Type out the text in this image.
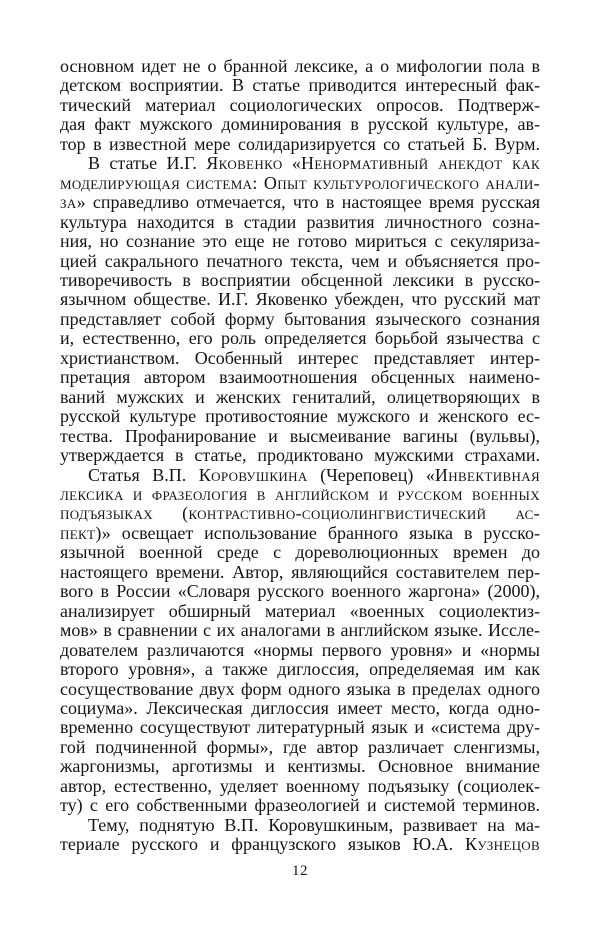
основном идет не о бранной лексике, а о мифологии пола в
детском восприятии. В статье приводится интересный фак-
тический материал социологических опросов. Подтверж-
дая факт мужского доминирования в русской культуре, ав-
тор в известной мере солидаризируется со статьей Б. Вурм.
В статье И.Г. Яковенко «Ненормативный анекдот как
моделирующая система: Опыт культурологического анали-
за» справедливо отмечается, что в настоящее время русская
культура находится в стадии развития личностного созна-
ния, но сознание это еще не готово мириться с секуляриза-
цией сакрального печатного текста, чем и объясняется про-
тиворечивость в восприятии обсценной лексики в русско-
язычном обществе. И.Г. Яковенко убежден, что русский мат
представляет собой форму бытования языческого сознания
и, естественно, его роль определяется борьбой язычества с
христианством. Особенный интерес представляет интер-
претация автором взаимоотношения обсценных наимено-
ваний мужских и женских гениталий, олицетворяющих в
русской культуре противостояние мужского и женского ес-
тества. Профанирование и высмеивание вагины (вульвы),
утверждается в статье, продиктовано мужскими страхами.
Статья В.П. Коровушкина (Череповец) «Инвективная
лексика и фразеология в английском и русском военных
подъязыках (контрастивно-социолингвистический ас-
пект)» освещает использование бранного языка в русско-
язычной военной среде с дореволюционных времен до
настоящего времени. Автор, являющийся составителем пер-
вого в России «Словаря русского военного жаргона» (2000),
анализирует обширный материал «военных социолектиз-
мов» в сравнении с их аналогами в английском языке. Иссле-
дователем различаются «нормы первого уровня» и «нормы
второго уровня», а также диглоссия, определяемая им как
сосуществование двух форм одного языка в пределах одного
социума». Лексическая диглоссия имеет место, когда одно-
временно сосуществуют литературный язык и «система дру-
гой подчиненной формы», где автор различает сленгизмы,
жаргонизмы, арготизмы и кентизмы. Основное внимание
автор, естественно, уделяет военному подъязыку (социолек-
ту) с его собственными фразеологией и системой терминов.
Тему, поднятую В.П. Коровушкиным, развивает на ма-
териале русского и французского языков Ю.А. Кузнецов
12
